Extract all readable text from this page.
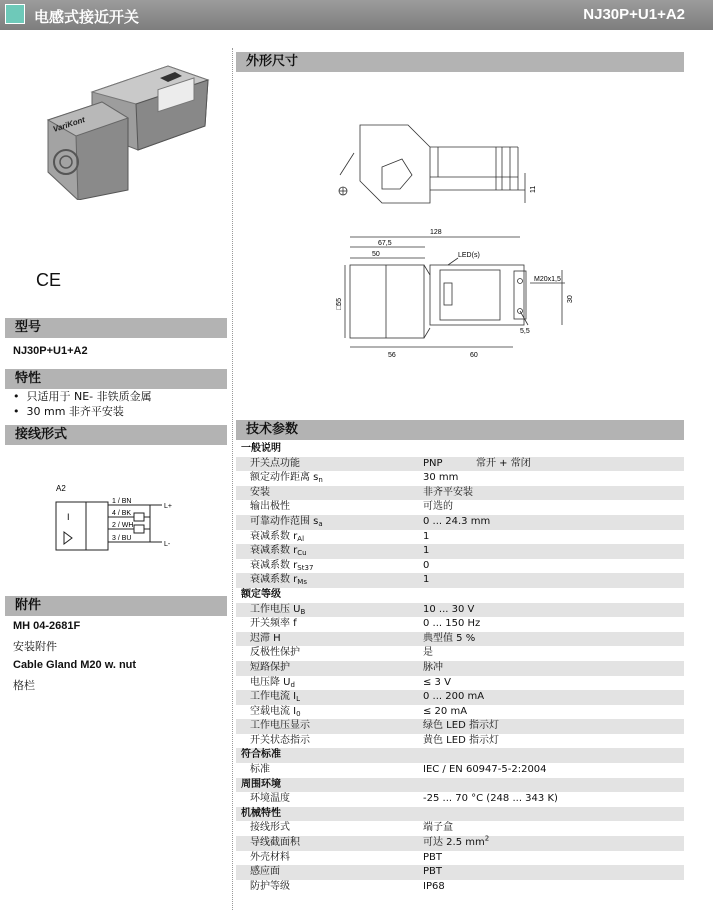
电感式接近开关	NJ30P+U1+A2
VariKont
CE
型号
NJ30P+U1+A2
特性
•  只适用于 NE- 非铁质金属
•  30 mm 非齐平安装
接线形式
A2
I
1 / BN
4 / BK
2 / WH
3 / BU
L+
L-
附件
MH 04-2681F
安装附件
Cable Gland M20 w. nut
格栏
外形尺寸
11
128
67,5
50	LED(s)
M20x1,5
30
□55
5,5
56	60
技术参数
一般说明
开关点功能	PNP	常开 + 常闭
额定动作距离 $s_n$	30 mm
安装	非齐平安装
输出极性	可选的
可靠动作范围 $s_a$	0 ... 24.3 mm
衰减系数 $r_{Al}$	1
衰减系数 $r_{Cu}$	1
衰减系数 $r_{St37}$	0
衰减系数 $r_{Ms}$	1
额定等级
工作电压 $U_B$	10 ... 30 V
开关频率 f	0 ... 150 Hz
迟滞 H	典型值 5 %
反极性保护	是
短路保护	脉冲
电压降 $U_d$	≤ 3 V
工作电流 $I_L$	0 ... 200 mA
空载电流 $I_0$	≤ 20 mA
工作电压显示	绿色 LED 指示灯
开关状态指示	黄色 LED 指示灯
符合标准
标准	IEC / EN 60947-5-2:2004
周围环境
环境温度	-25 ... 70 °C (248 ... 343 K)
机械特性
接线形式	端子盒
导线截面积	可达 2.5 $mm^2$
外壳材料	PBT
感应面	PBT
防护等级	IP68
